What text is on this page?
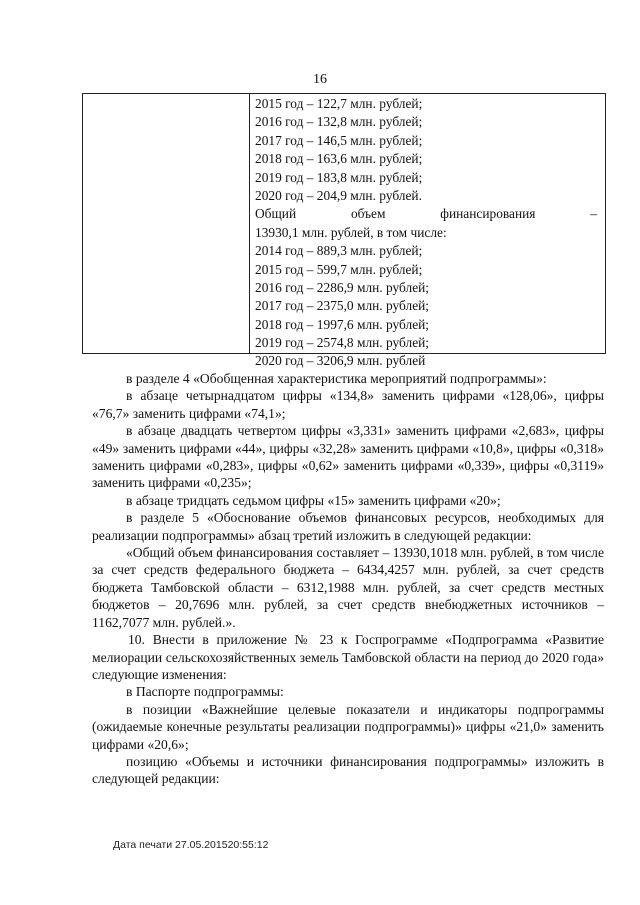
16
2015 год – 122,7 млн. рублей;
2016 год – 132,8 млн. рублей;
2017 год – 146,5 млн. рублей;
2018 год – 163,6 млн. рублей;
2019 год – 183,8 млн. рублей;
2020 год – 204,9 млн. рублей.
Общий	объем	финансирования	–
13930,1 млн. рублей, в том числе:
2014 год – 889,3 млн. рублей;
2015 год – 599,7 млн. рублей;
2016 год – 2286,9 млн. рублей;
2017 год – 2375,0 млн. рублей;
2018 год – 1997,6 млн. рублей;
2019 год – 2574,8 млн. рублей;
2020 год – 3206,9 млн. рублей

в разделе 4 «Обобщенная характеристика мероприятий подпрограммы»:

в абзаце четырнадцатом цифры «134,8» заменить цифрами «128,06», цифры «76,7» заменить цифрами «74,1»;

в абзаце двадцать четвертом цифры «3,331» заменить цифрами «2,683», цифры «49» заменить цифрами «44», цифры «32,28» заменить цифрами «10,8», цифры «0,318» заменить цифрами «0,283», цифры «0,62» заменить цифрами «0,339», цифры «0,3119» заменить цифрами «0,235»;

в абзаце тридцать седьмом цифры «15» заменить цифрами «20»;

в разделе 5 «Обоснование объемов финансовых ресурсов, необходимых для реализации подпрограммы» абзац третий изложить в следующей редакции:

«Общий объем финансирования составляет – 13930,1018 млн. рублей, в том числе за счет средств федерального бюджета – 6434,4257 млн. рублей, за счет средств бюджета Тамбовской области – 6312,1988 млн. рублей, за счет средств местных бюджетов – 20,7696 млн. рублей, за счет средств внебюджетных источников – 1162,7077 млн. рублей.».

10. Внести в приложение № 23 к Госпрограмме «Подпрограмма «Развитие мелиорации сельскохозяйственных земель Тамбовской области на период до 2020 года» следующие изменения:

в Паспорте подпрограммы:

в позиции «Важнейшие целевые показатели и индикаторы подпрограммы (ожидаемые конечные результаты реализации подпрограммы)» цифры «21,0» заменить цифрами «20,6»;

позицию «Объемы и источники финансирования подпрограммы» изложить в следующей редакции:

Дата печати 27.05.201520:55:12
